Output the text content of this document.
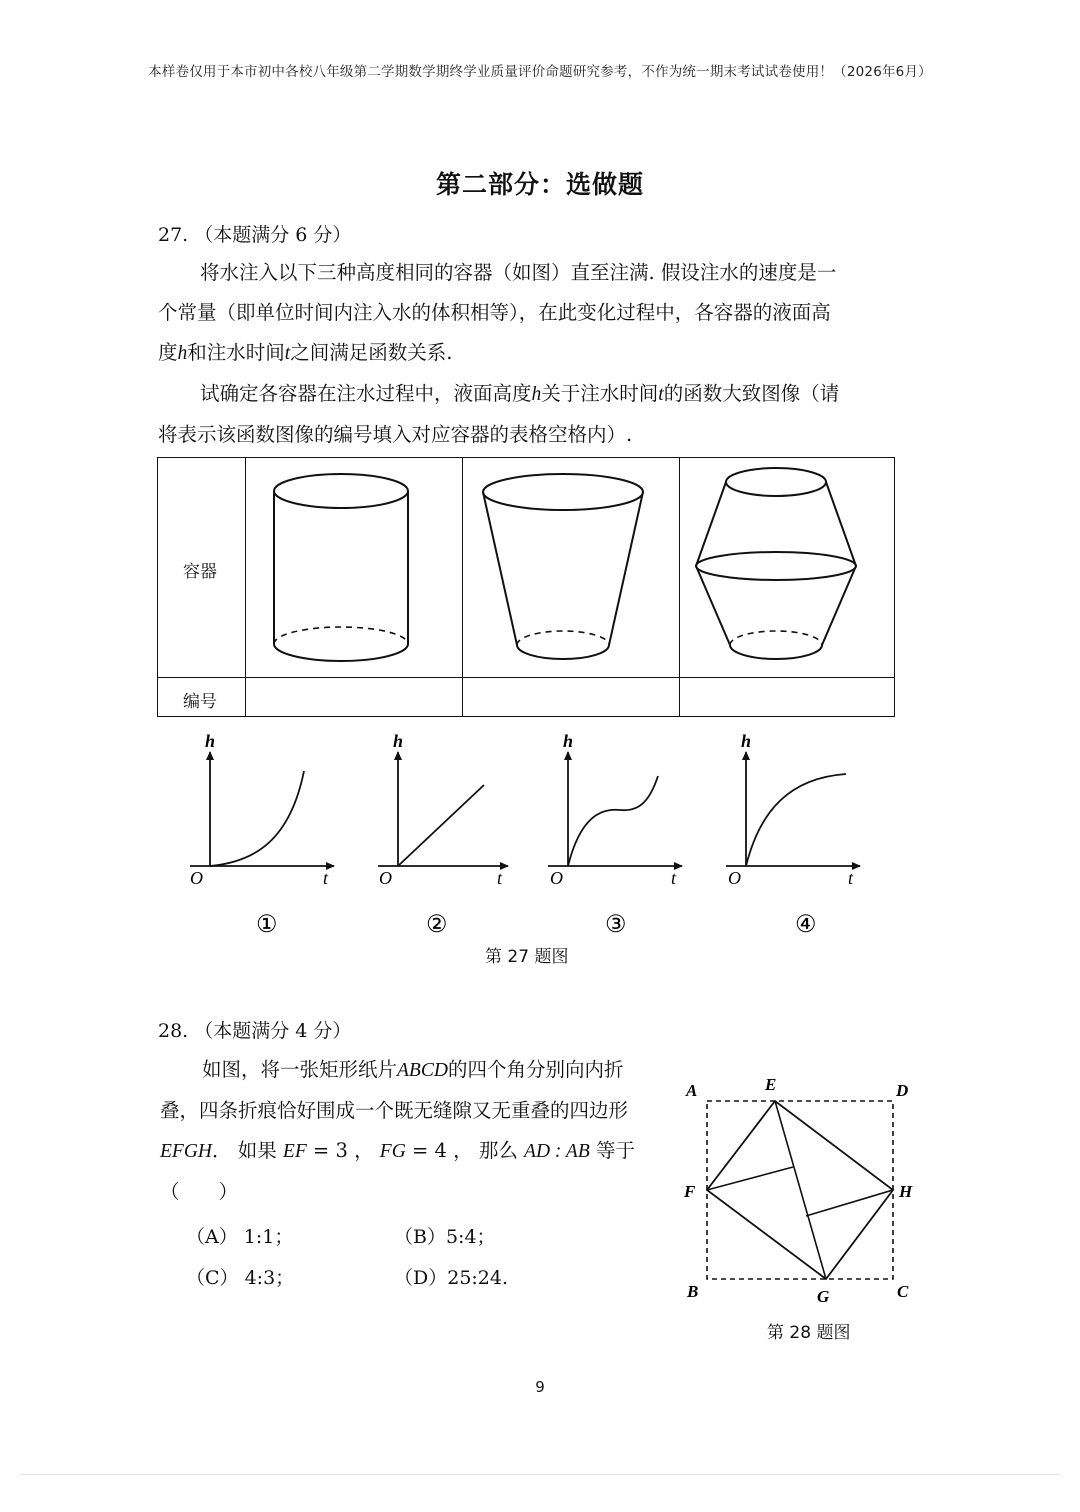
本样卷仅用于本市初中各校八年级第二学期数学期终学业质量评价命题研究参考，不作为统一期末考试试卷使用！（2026年6月）
第二部分：选做题
27. （本题满分 6 分）
将水注入以下三种高度相同的容器（如图）直至注满. 假设注水的速度是一
个常量（即单位时间内注入水的体积相等），在此变化过程中，各容器的液面高
度h和注水时间t之间满足函数关系.
试确定各容器在注水过程中，液面高度h关于注水时间t的函数大致图像（请
将表示该函数图像的编号填入对应容器的表格空格内）.
容器
编号
h
O	t
①
h
O	t
②
h
O	t
③
h
O	t
④
第 27 题图
28. （本题满分 4 分）
如图，将一张矩形纸片ABCD的四个角分别向内折
叠，四条折痕恰好围成一个既无缝隙又无重叠的四边形
EFGH． 如果 EF = 3 ， FG = 4 ， 那么 AD : AB 等于
（　　）
（A） 1:1；	（B）5:4；
（C） 4:3；	（D）25:24.
A	E	D
F	H
B	G	C
第 28 题图
9
